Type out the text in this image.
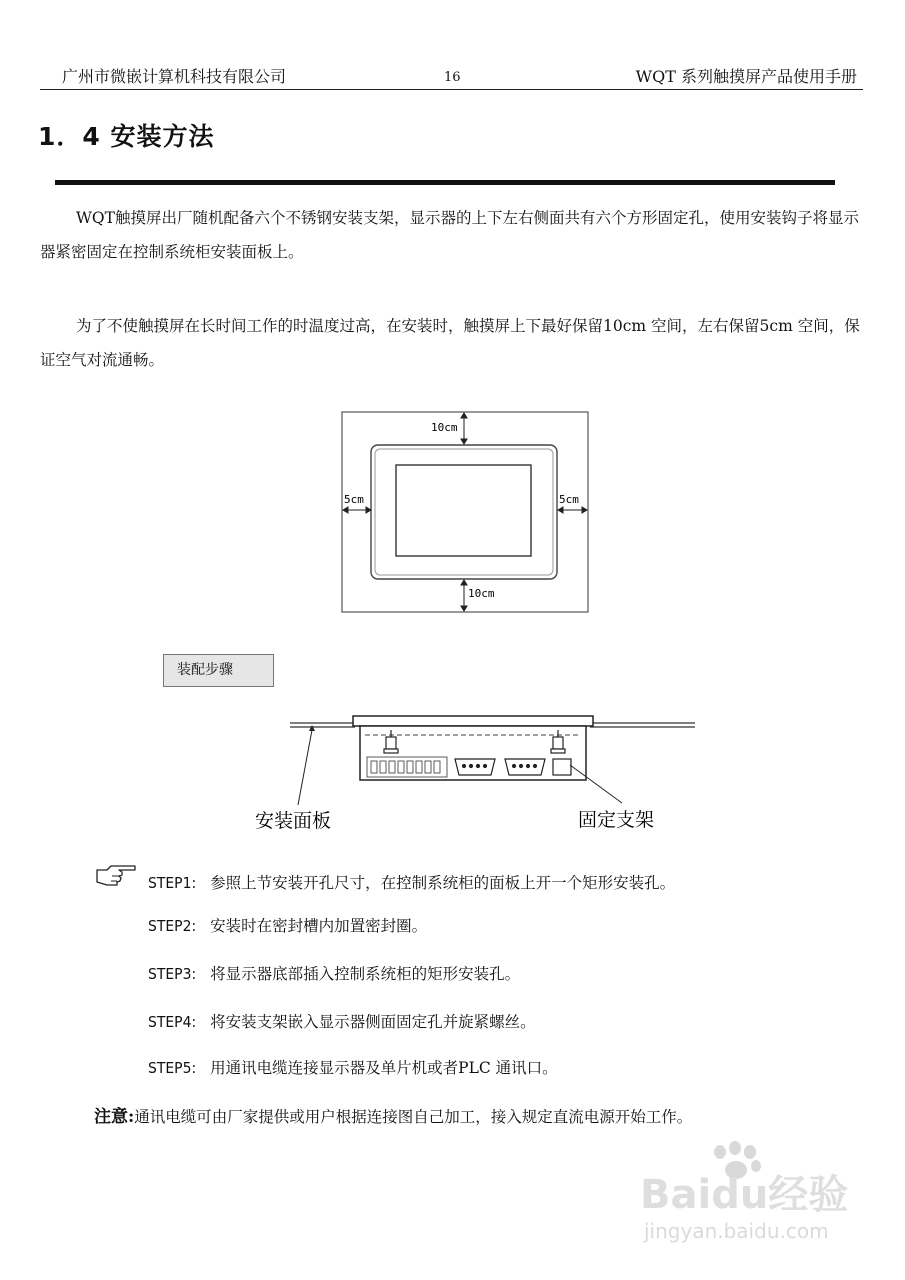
广州市微嵌计算机科技有限公司	16	WQT 系列触摸屏产品使用手册
1．4 安装方法
WQT触摸屏出厂随机配备六个不锈钢安装支架，显示器的上下左右侧面共有六个方形固定孔，使用安装钩子将显示器紧密固定在控制系统柜安装面板上。
为了不使触摸屏在长时间工作的时温度过高，在安装时，触摸屏上下最好保留10cm 空间，左右保留5cm 空间，保证空气对流通畅。
10cm
10cm
5cm	5cm
装配步骤
安装面板	固定支架
STEP1: 参照上节安装开孔尺寸，在控制系统柜的面板上开一个矩形安装孔。
STEP2: 安装时在密封槽内加置密封圈。
STEP3: 将显示器底部插入控制系统柜的矩形安装孔。
STEP4: 将安装支架嵌入显示器侧面固定孔并旋紧螺丝。
STEP5: 用通讯电缆连接显示器及单片机或者PLC 通讯口。
注意:通讯电缆可由厂家提供或用户根据连接图自己加工，接入规定直流电源开始工作。
Baidu经验
jingyan.baidu.com
